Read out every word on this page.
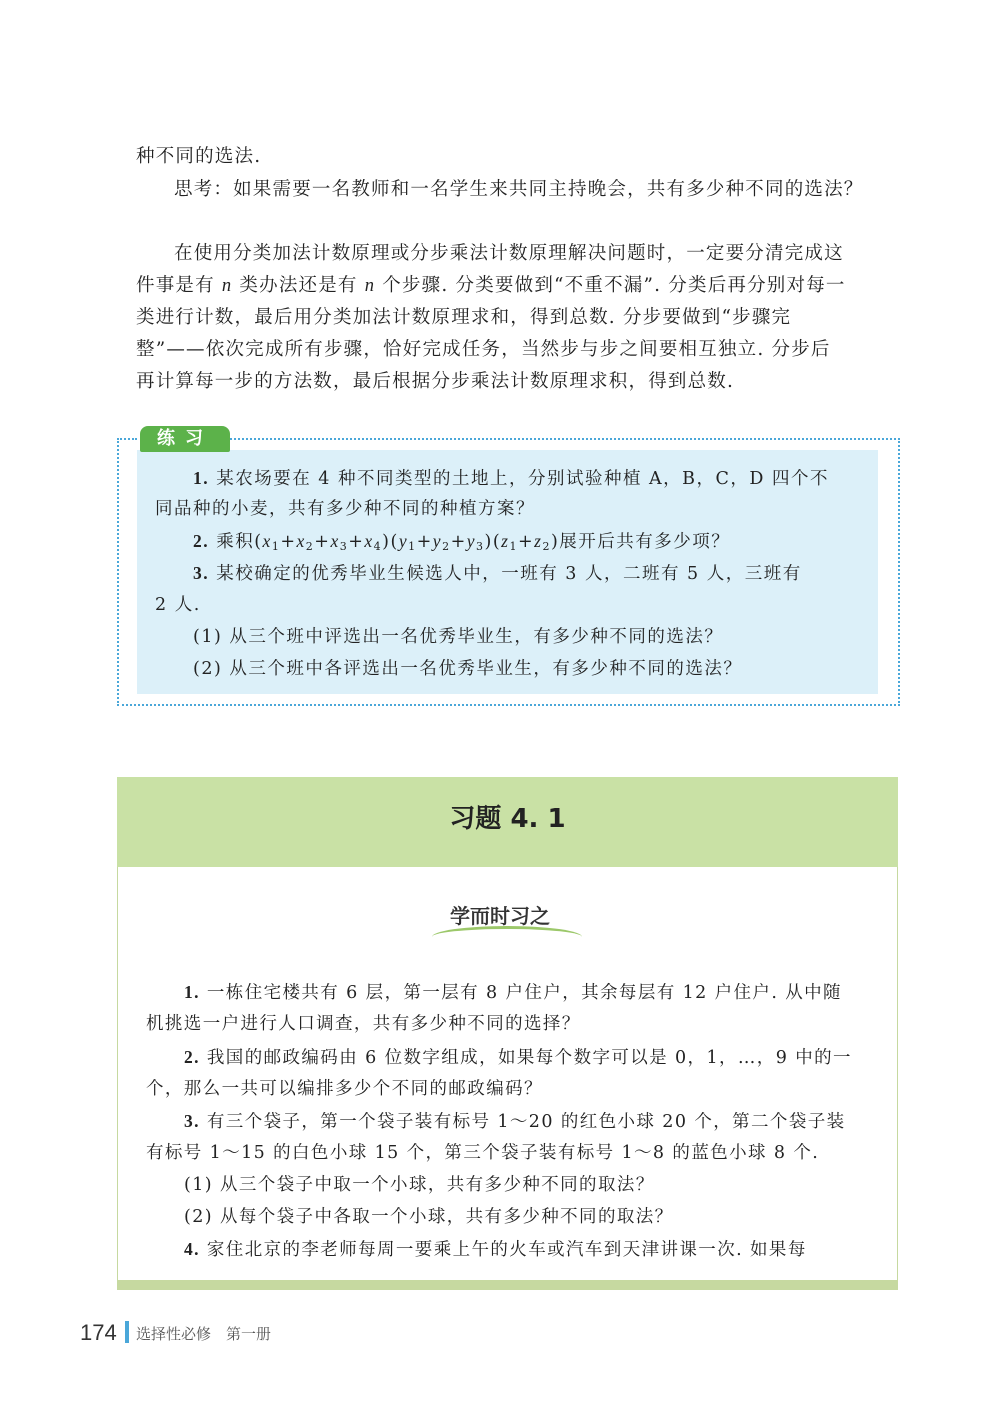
种不同的选法.

思考：如果需要一名教师和一名学生来共同主持晚会，共有多少种不同的选法？

在使用分类加法计数原理或分步乘法计数原理解决问题时，一定要分清完成这

件事是有 n 类办法还是有 n 个步骤. 分类要做到“不重不漏”. 分类后再分别对每一

类进行计数，最后用分类加法计数原理求和，得到总数. 分步要做到“步骤完

整”——依次完成所有步骤，恰好完成任务，当然步与步之间要相互独立. 分步后

再计算每一步的方法数，最后根据分步乘法计数原理求积，得到总数.

练习

1. 某农场要在 4 种不同类型的土地上，分别试验种植 A，B，C，D 四个不

同品种的小麦，共有多少种不同的种植方案？

2. 乘积$(x_1+x_2+x_3+x_4)(y_1+y_2+y_3)(z_1+z_2)$展开后共有多少项？

3. 某校确定的优秀毕业生候选人中，一班有 3 人，二班有 5 人，三班有

2 人.

(1) 从三个班中评选出一名优秀毕业生，有多少种不同的选法？

(2) 从三个班中各评选出一名优秀毕业生，有多少种不同的选法？

习题 4. 1
学而时习之

1. 一栋住宅楼共有 6 层，第一层有 8 户住户，其余每层有 12 户住户. 从中随

机挑选一户进行人口调查，共有多少种不同的选择？

2. 我国的邮政编码由 6 位数字组成，如果每个数字可以是 0，1，…，9 中的一

个，那么一共可以编排多少个不同的邮政编码？

3. 有三个袋子，第一个袋子装有标号 1～20 的红色小球 20 个，第二个袋子装

有标号 1～15 的白色小球 15 个，第三个袋子装有标号 1～8 的蓝色小球 8 个.

(1) 从三个袋子中取一个小球，共有多少种不同的取法？

(2) 从每个袋子中各取一个小球，共有多少种不同的取法？

4. 家住北京的李老师每周一要乘上午的火车或汽车到天津讲课一次. 如果每

174 选择性必修　第一册
